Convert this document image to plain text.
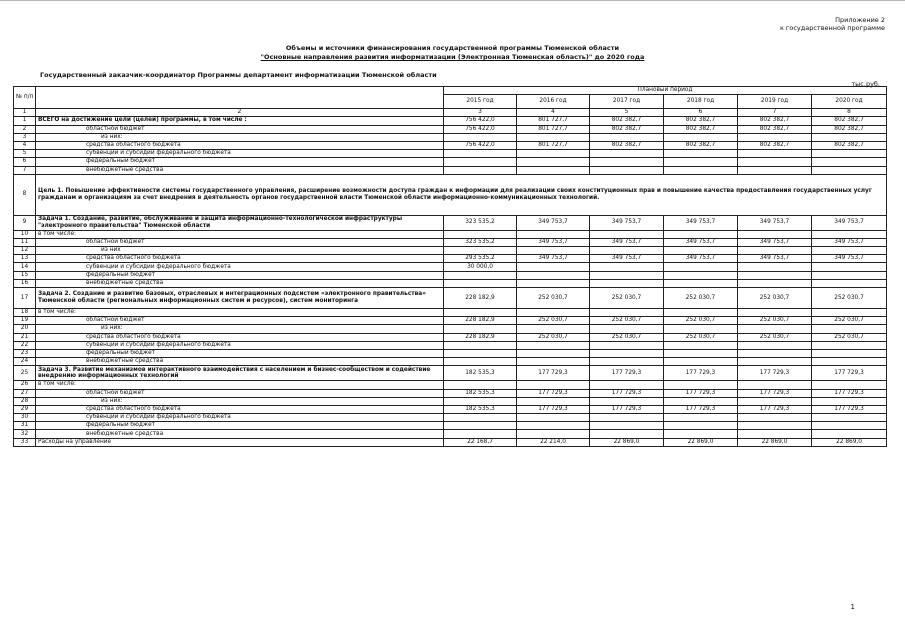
Приложение 2
к государственной программе
Объемы и источники финансирования государственной программы Тюменской области
"Основные направления развития информатизации (Электронная Тюменская область)" до 2020 года
Государственный заказчик-координатор Программы департамент информатизации Тюменской области
тыс.руб.
№ п/п		Плановый период					
		2015 год	2016 год	2017 год	2018 год	2019 год	2020 год
1	2	3	4	5	6	7	8
1	ВСЕГО на достижение цели (целей) программы, в том числе :	756 422,0	801 727,7	802 382,7	802 382,7	802 382,7	802 382,7
2	областной бюджет	756 422,0	801 727,7	802 382,7	802 382,7	802 382,7	802 382,7
3	из них:						
4	средства областного бюджета	756 422,0	801 727,7	802 382,7	802 382,7	802 382,7	802 382,7
5	субвенции и субсидии федерального бюджета						
6	федеральный бюджет						
7	внебюджетные средства						
8	Цель 1. Повышение эффективности системы государственного управления, расширение возможности доступа граждан к информации для реализации своих конституционных прав и повышение качества предоставления государственных услуг гражданам и организациям за счет внедрения в деятельность органов государственной власти Тюменской области информационно-коммуникационных технологий.						
9	Задача 1. Создание, развитие, обслуживание и защита информационно-технологической инфраструктуры "электронного правительства" Тюменской области	323 535,2	349 753,7	349 753,7	349 753,7	349 753,7	349 753,7
10	в том числе:						
11	областной бюджет	323 535,2	349 753,7	349 753,7	349 753,7	349 753,7	349 753,7
12	из них						
13	средства областного бюджета	293 535,2	349 753,7	349 753,7	349 753,7	349 753,7	349 753,7
14	субвенции и субсидии федерального бюджета	30 000,0					
15	федеральный бюджет						
16	внебюджетные средства						
17	Задача 2. Создание и развитие базовых, отраслевых и интеграционных подсистем «электронного правительства» Тюменской области (региональных информационных систем и ресурсов), систем мониторинга	228 182,9	252 030,7	252 030,7	252 030,7	252 030,7	252 030,7
18	в том числе:						
19	областной бюджет	228 182,9	252 030,7	252 030,7	252 030,7	252 030,7	252 030,7
20	из них:						
21	средства областного бюджета	228 182,9	252 030,7	252 030,7	252 030,7	252 030,7	252 030,7
22	субвенции и субсидии федерального бюджета						
23	федеральный бюджет						
24	внебюджетные средства						
25	Задача 3. Развитие механизмов интерактивного взаимодействия с населением и бизнес-сообществом и содействие внедрению информационных технологий	182 535,3	177 729,3	177 729,3	177 729,3	177 729,3	177 729,3
26	в том числе:						
27	областной бюджет	182 535,3	177 729,3	177 729,3	177 729,3	177 729,3	177 729,3
28	из них:						
29	средства областного бюджета	182 535,3	177 729,3	177 729,3	177 729,3	177 729,3	177 729,3
30	субвенции и субсидии федерального бюджета						
31	федеральный бюджет						
32	внебюджетные средства						
33	Расходы на управление	22 168,7	22 214,0	22 869,0	22 869,0	22 869,0	22 869,0
1
